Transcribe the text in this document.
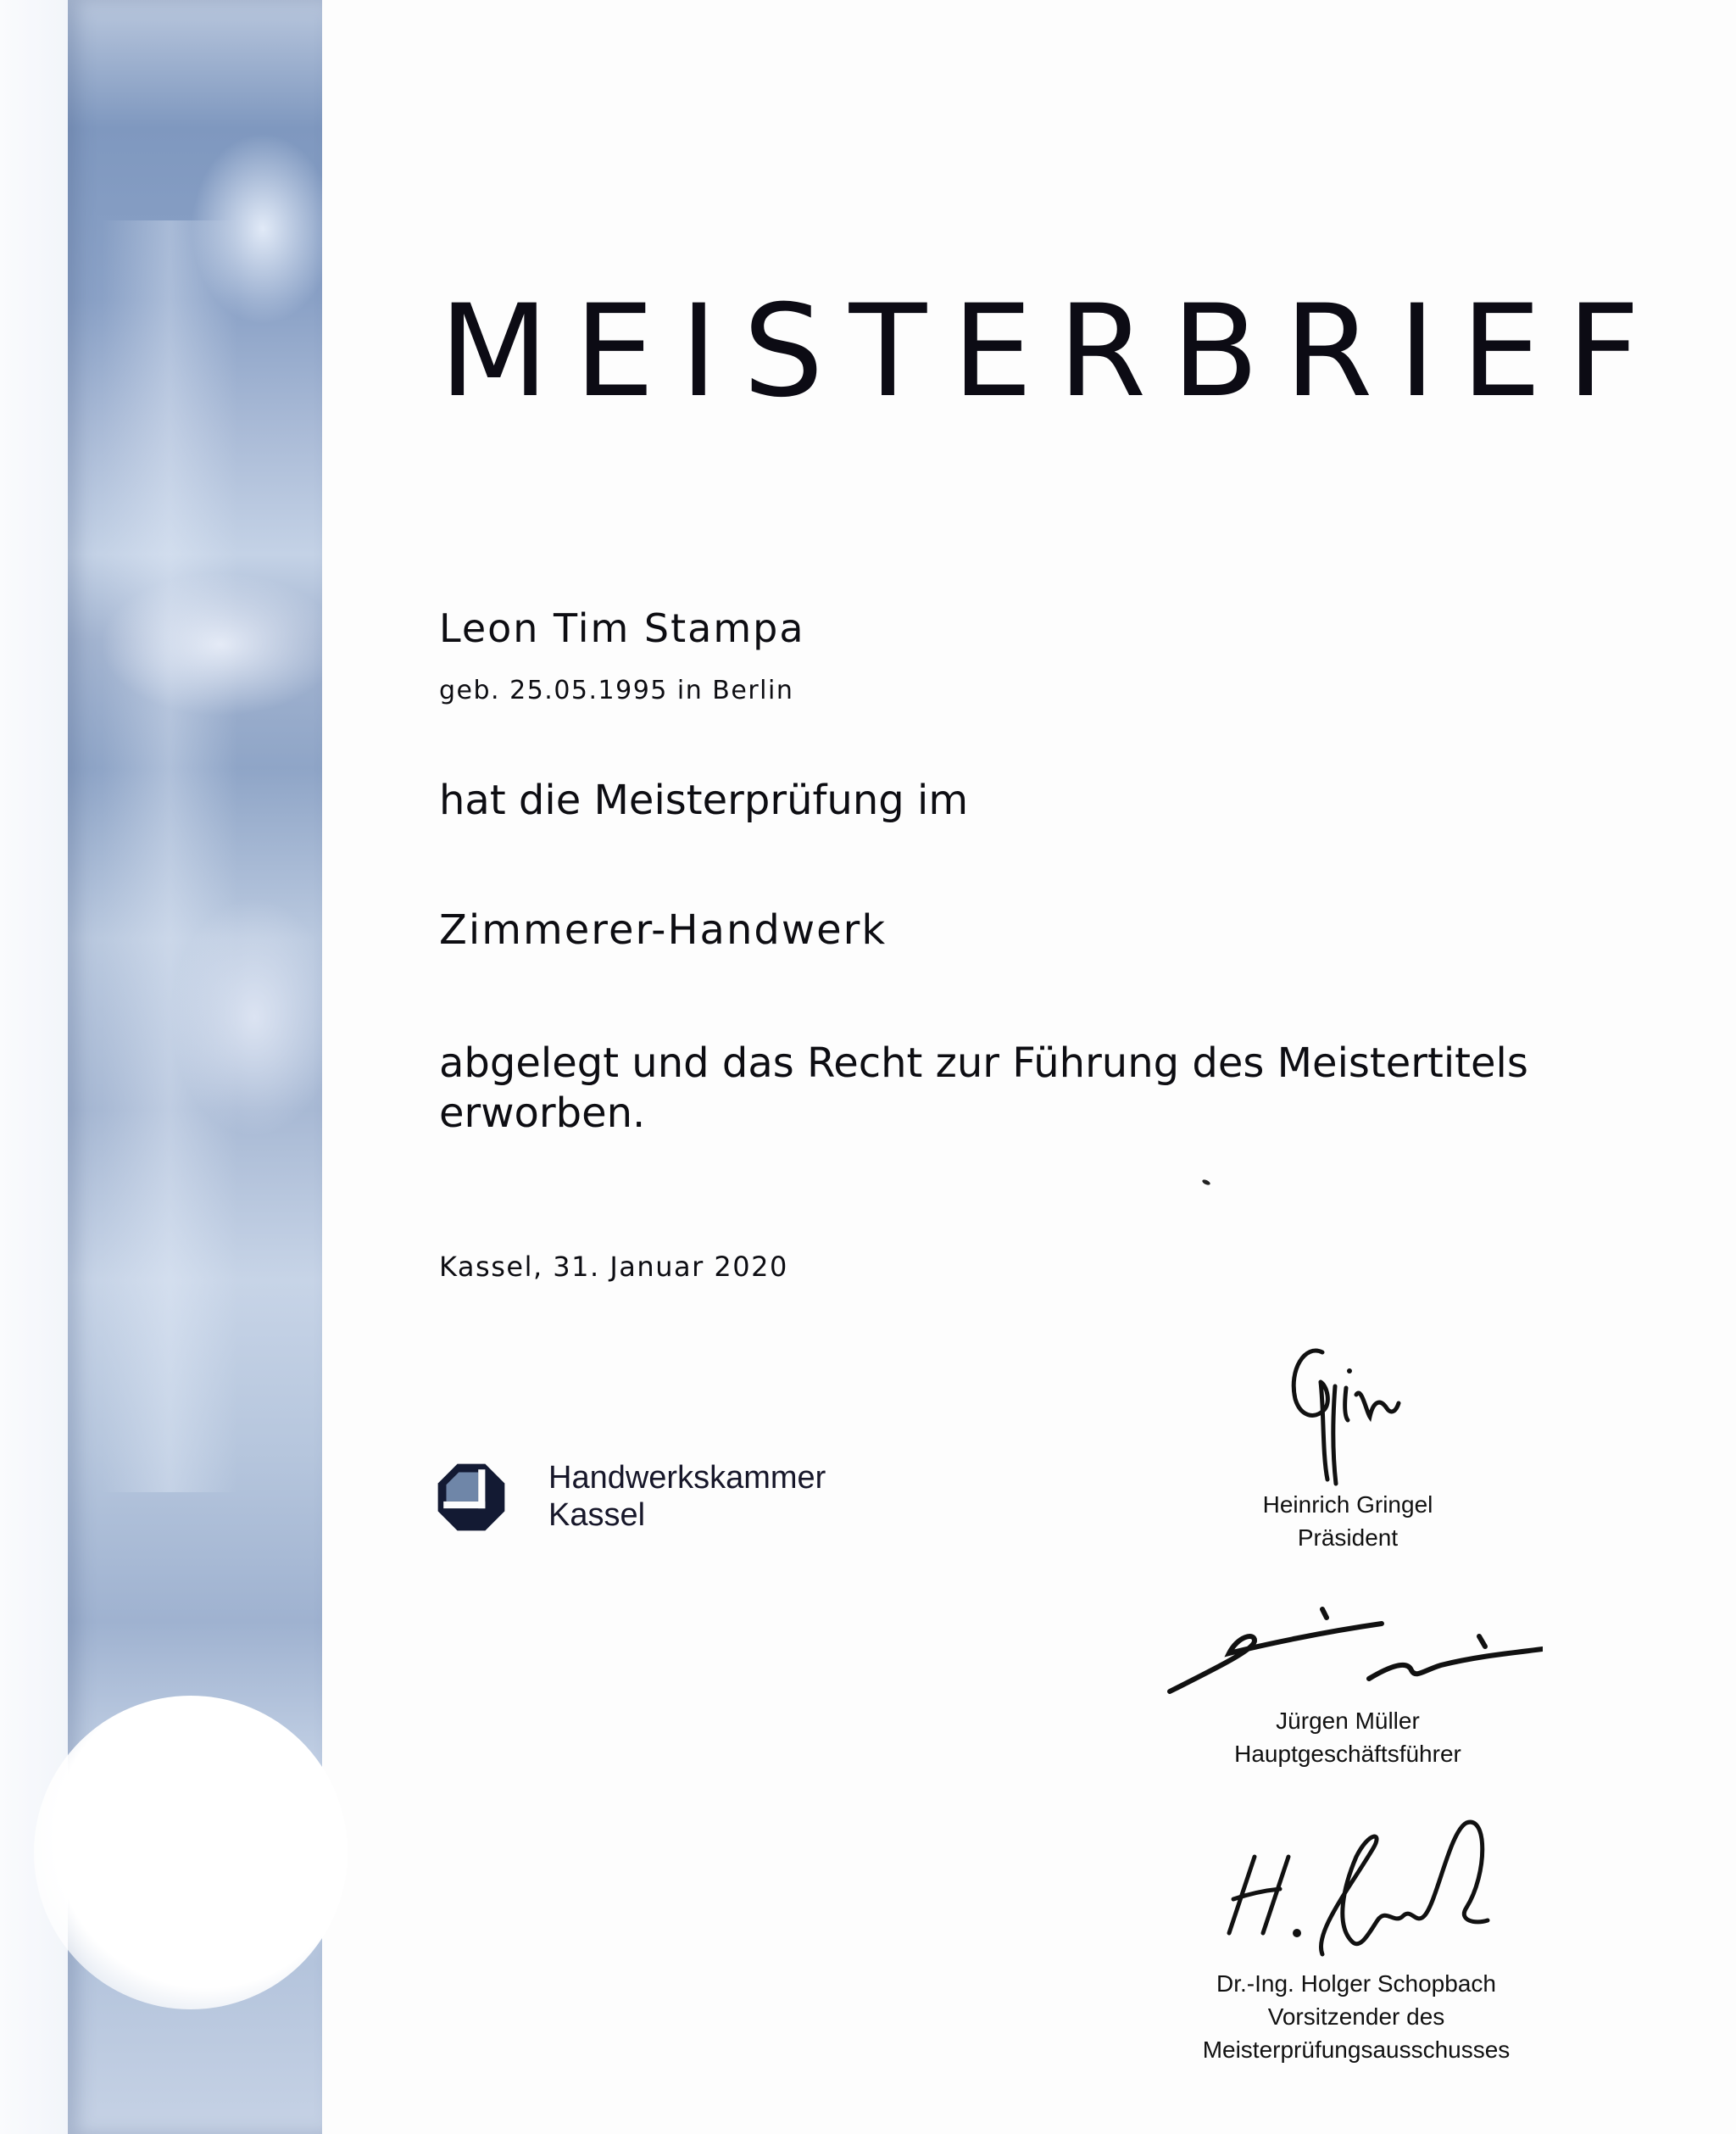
MEISTERBRIEF
Leon Tim Stampa
geb. 25.05.1995 in Berlin
hat die Meisterprüfung im
Zimmerer-Handwerk
abgelegt und das Recht zur Führung des Meistertitels erworben.
Kassel, 31. Januar 2020
Handwerkskammer
Kassel	Heinrich Gringel
Präsident
Jürgen Müller
Hauptgeschäftsführer
Dr.-Ing. Holger Schopbach
Vorsitzender des
Meisterprüfungsausschusses
